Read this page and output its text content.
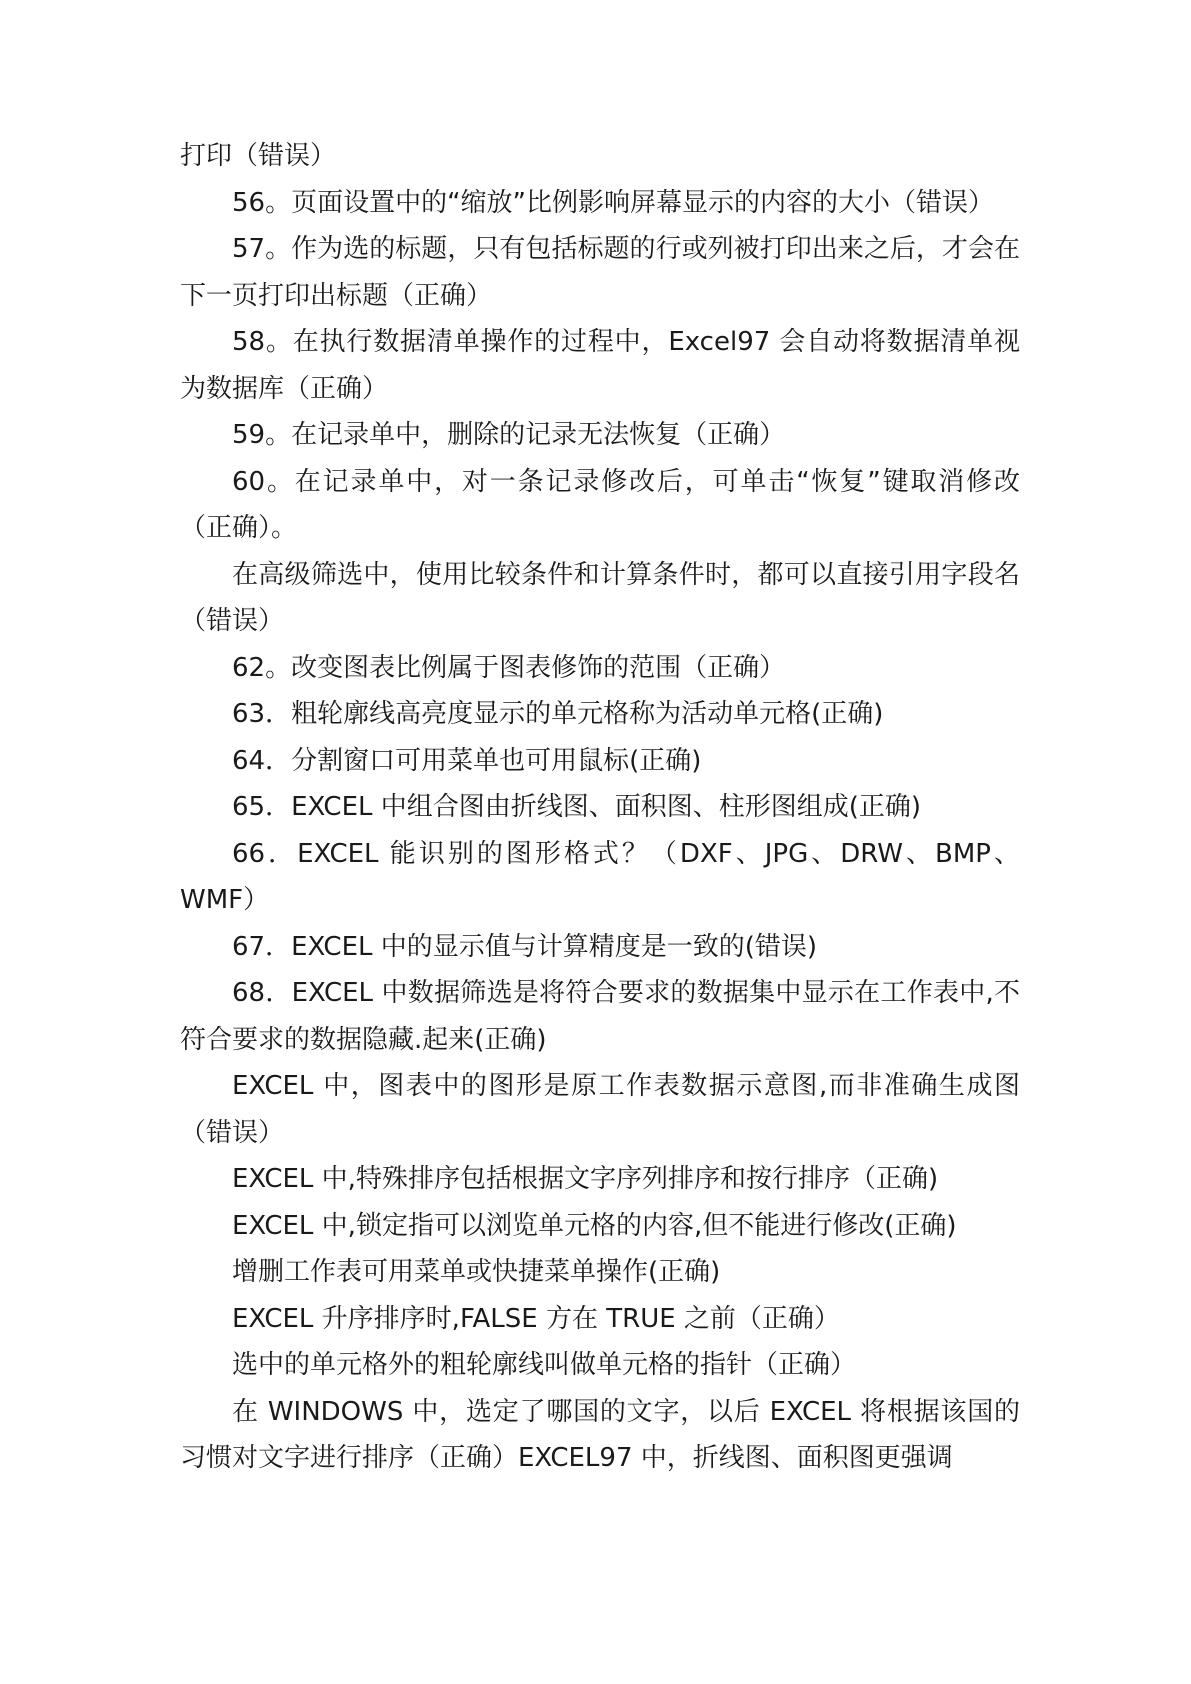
打印（错误）

56。页面设置中的“缩放”比例影响屏幕显示的内容的大小（错误）

57。作为选的标题，只有包括标题的行或列被打印出来之后，才会在下一页打印出标题（正确）

58。在执行数据清单操作的过程中，Excel97 会自动将数据清单视为数据库（正确）

59。在记录单中，删除的记录无法恢复（正确）

60。在记录单中，对一条记录修改后，可单击“恢复”键取消修改（正确）。

在高级筛选中，使用比较条件和计算条件时，都可以直接引用字段名（错误）

62。改变图表比例属于图表修饰的范围（正确）

63．粗轮廓线高亮度显示的单元格称为活动单元格(正确)

64．分割窗口可用菜单也可用鼠标(正确)

65．EXCEL 中组合图由折线图、面积图、柱形图组成(正确)

66．EXCEL 能识别的图形格式？（DXF、JPG、DRW、BMP、WMF）

67．EXCEL 中的显示值与计算精度是一致的(错误)

68．EXCEL 中数据筛选是将符合要求的数据集中显示在工作表中,不符合要求的数据隐藏.起来(正确)

EXCEL 中，图表中的图形是原工作表数据示意图,而非准确生成图（错误）

EXCEL 中,特殊排序包括根据文字序列排序和按行排序（正确)

EXCEL 中,锁定指可以浏览单元格的内容,但不能进行修改(正确)

增删工作表可用菜单或快捷菜单操作(正确)

EXCEL 升序排序时,FALSE 方在 TRUE 之前（正确）

选中的单元格外的粗轮廓线叫做单元格的指针（正确）

在 WINDOWS 中，选定了哪国的文字，以后 EXCEL 将根据该国的习惯对文字进行排序（正确）EXCEL97 中，折线图、面积图更强调
